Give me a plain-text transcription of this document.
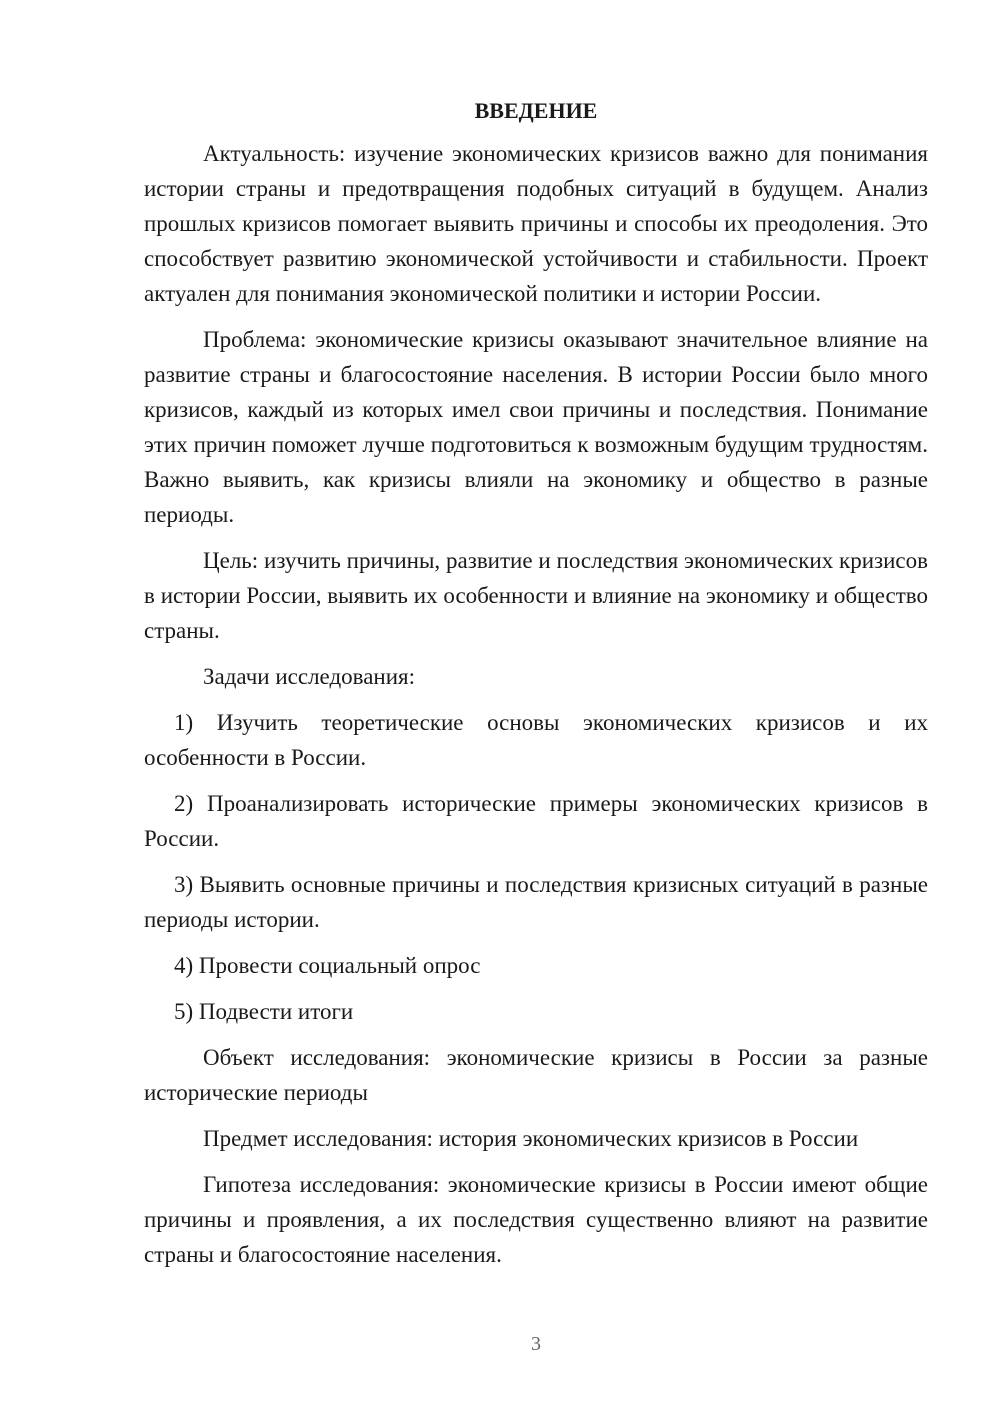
ВВЕДЕНИЕ

Актуальность: изучение экономических кризисов важно для понимания истории страны и предотвращения подобных ситуаций в будущем. Анализ прошлых кризисов помогает выявить причины и способы их преодоления. Это способствует развитию экономической устойчивости и стабильности. Проект актуален для понимания экономической политики и истории России.

Проблема: экономические кризисы оказывают значительное влияние на развитие страны и благосостояние населения. В истории России было много кризисов, каждый из которых имел свои причины и последствия. Понимание этих причин поможет лучше подготовиться к возможным будущим трудностям. Важно выявить, как кризисы влияли на экономику и общество в разные периоды.

Цель: изучить причины, развитие и последствия экономических кризисов в истории России, выявить их особенности и влияние на экономику и общество страны.

Задачи исследования:

1) Изучить теоретические основы экономических кризисов и их особенности в России.

2) Проанализировать исторические примеры экономических кризисов в России.

3) Выявить основные причины и последствия кризисных ситуаций в разные периоды истории.

4) Провести социальный опрос

5) Подвести итоги

Объект исследования: экономические кризисы в России за разные исторические периоды

Предмет исследования: история экономических кризисов в России

Гипотеза исследования: экономические кризисы в России имеют общие причины и проявления, а их последствия существенно влияют на развитие страны и благосостояние населения.

3
